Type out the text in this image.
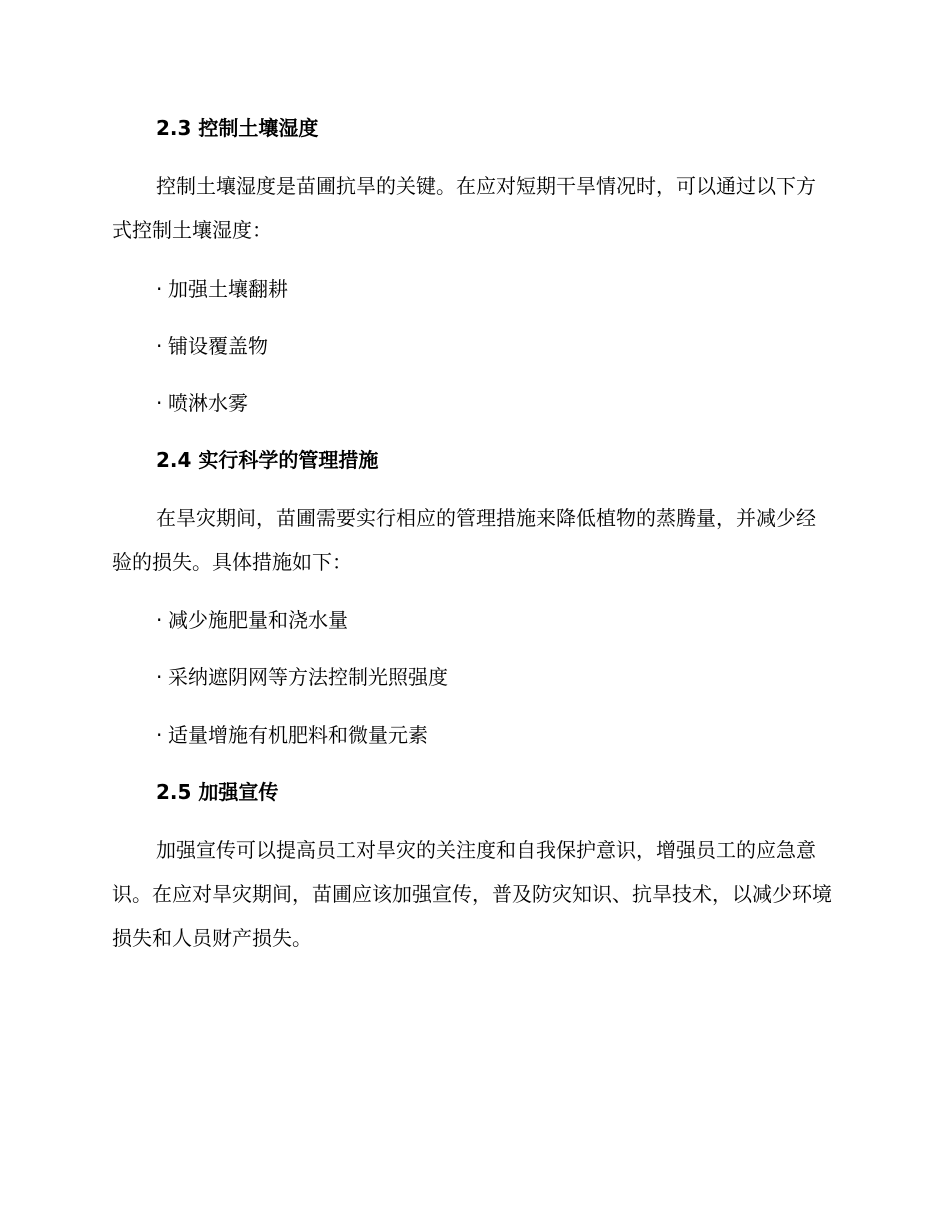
2.3 控制土壤湿度

控制土壤湿度是苗圃抗旱的关键。在应对短期干旱情况时，可以通过以下方式控制土壤湿度：

· 加强土壤翻耕
· 铺设覆盖物
· 喷淋水雾
2.4 实行科学的管理措施

在旱灾期间，苗圃需要实行相应的管理措施来降低植物的蒸腾量，并减少经验的损失。具体措施如下：

· 减少施肥量和浇水量
· 采纳遮阴网等方法控制光照强度
· 适量增施有机肥料和微量元素
2.5 加强宣传

加强宣传可以提高员工对旱灾的关注度和自我保护意识，增强员工的应急意识。在应对旱灾期间，苗圃应该加强宣传，普及防灾知识、抗旱技术，以减少环境损失和人员财产损失。
